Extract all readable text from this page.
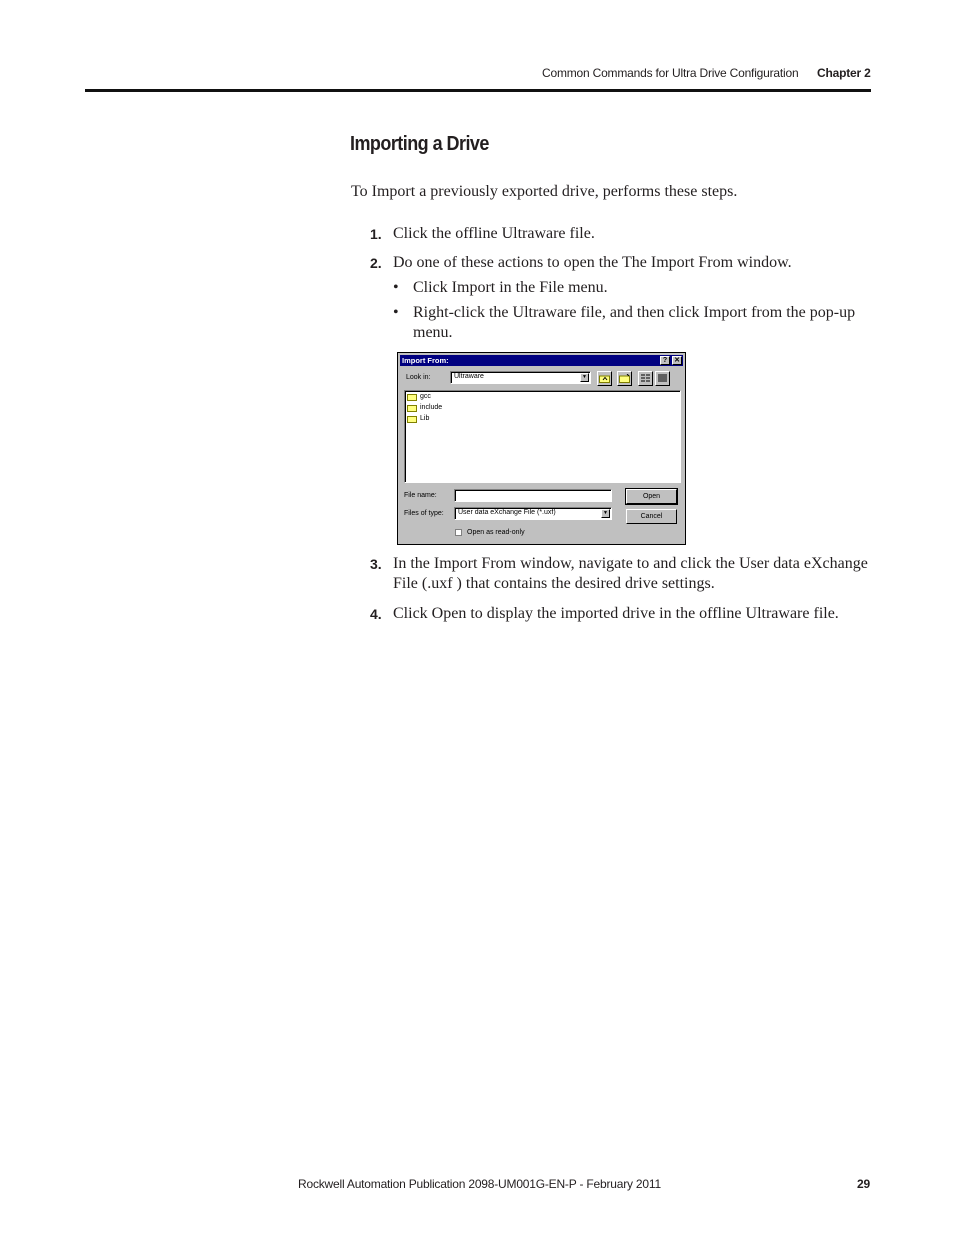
Common Commands for Ultra Drive Configuration Chapter 2
Importing a Drive
To Import a previously exported drive, performs these steps.
1. Click the offline Ultraware file.
2. Do one of these actions to open the The Import From window.
• Click Import in the File menu.
• Right-click the Ultraware file, and then click Import from the pop-up menu.
Import From:	? ✕
Look in:	Ultraware	▼
gcc
include
Lib
File name:
Files of type: User data eXchange File (*.uxf)	▼
Open
Cancel
Open as read-only
3. In the Import From window, navigate to and click the User data eXchange File (.uxf ) that contains the desired drive settings.
4. Click Open to display the imported drive in the offline Ultraware file.
Rockwell Automation Publication 2098-UM001G-EN-P - February 2011	29
